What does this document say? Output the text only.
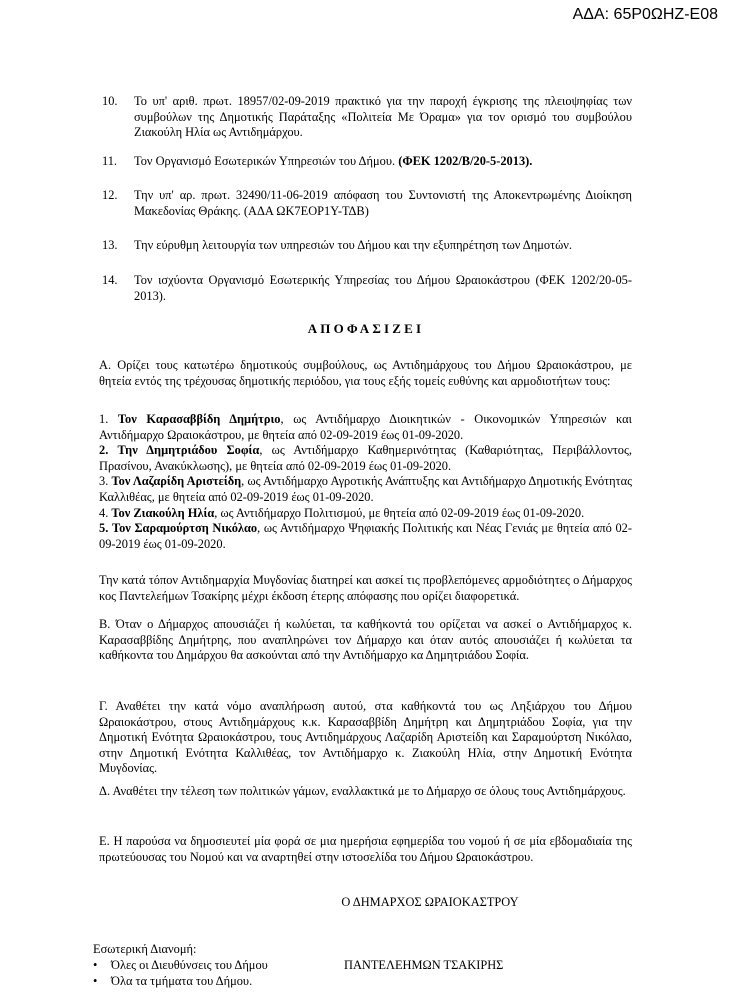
ΑΔΑ: 65Ρ0ΩΗΖ-Ε08
10. Το υπ' αριθ. πρωτ. 18957/02-09-2019 πρακτικό για την παροχή έγκρισης της πλειοψηφίας των συμβούλων της Δημοτικής Παράταξης «Πολιτεία Με Όραμα» για τον ορισμό του συμβούλου Ζιακούλη Ηλία ως Αντιδημάρχου.
11. Τον Οργανισμό Εσωτερικών Υπηρεσιών του Δήμου. (ΦΕΚ 1202/Β/20-5-2013).
12. Την υπ' αρ. πρωτ. 32490/11-06-2019 απόφαση του Συντονιστή της Αποκεντρωμένης Διοίκηση Μακεδονίας Θράκης. (ΑΔΑ ΩΚ7ΕΟΡ1Υ-ΤΔΒ)
13. Την εύρυθμη λειτουργία των υπηρεσιών του Δήμου και την εξυπηρέτηση των Δημοτών.
14. Τον ισχύοντα Οργανισμό Εσωτερικής Υπηρεσίας του Δήμου Ωραιοκάστρου (ΦΕΚ 1202/20-05-2013).
ΑΠΟΦΑΣΙΖΕΙ
Α. Ορίζει τους κατωτέρω δημοτικούς συμβούλους, ως Αντιδημάρχους του Δήμου Ωραιοκάστρου, με θητεία εντός της τρέχουσας δημοτικής περιόδου, για τους εξής τομείς ευθύνης και αρμοδιοτήτων τους:
1. Τον Καρασαββίδη Δημήτριο, ως Αντιδήμαρχο Διοικητικών - Οικονομικών Υπηρεσιών και Αντιδήμαρχο Ωραιοκάστρου, με θητεία από 02-09-2019 έως 01-09-2020.
2. Την Δημητριάδου Σοφία, ως Αντιδήμαρχο Καθημερινότητας (Καθαριότητας, Περιβάλλοντος, Πρασίνου, Ανακύκλωσης), με θητεία από 02-09-2019 έως 01-09-2020.
3. Τον Λαζαρίδη Αριστείδη, ως Αντιδήμαρχο Αγροτικής Ανάπτυξης και Αντιδήμαρχο Δημοτικής Ενότητας Καλλιθέας, με θητεία από 02-09-2019 έως 01-09-2020.
4. Τον Ζιακούλη Ηλία, ως Αντιδήμαρχο Πολιτισμού, με θητεία από 02-09-2019 έως 01-09-2020.
5. Τον Σαραμούρτση Νικόλαο, ως Αντιδήμαρχο Ψηφιακής Πολιτικής και Νέας Γενιάς με θητεία από 02-09-2019 έως 01-09-2020.
Την κατά τόπον Αντιδημαρχία Μυγδονίας διατηρεί και ασκεί τις προβλεπόμενες αρμοδιότητες ο Δήμαρχος κος Παντελεήμων Τσακίρης μέχρι έκδοση έτερης απόφασης που ορίζει διαφορετικά.
Β. Όταν ο Δήμαρχος απουσιάζει ή κωλύεται, τα καθήκοντά του ορίζεται να ασκεί ο Αντιδήμαρχος κ. Καρασαββίδης Δημήτρης, που αναπληρώνει τον Δήμαρχο και όταν αυτός απουσιάζει ή κωλύεται τα καθήκοντα του Δημάρχου θα ασκούνται από την Αντιδήμαρχο κα Δημητριάδου Σοφία.
Γ. Αναθέτει την κατά νόμο αναπλήρωση αυτού, στα καθήκοντά του ως Ληξιάρχου του Δήμου Ωραιοκάστρου, στους Αντιδημάρχους κ.κ. Καρασαββίδη Δημήτρη και Δημητριάδου Σοφία, για την Δημοτική Ενότητα Ωραιοκάστρου, τους Αντιδημάρχους Λαζαρίδη Αριστείδη και Σαραμούρτση Νικόλαο, στην Δημοτική Ενότητα Καλλιθέας, τον Αντιδήμαρχο κ. Ζιακούλη Ηλία, στην Δημοτική Ενότητα Μυγδονίας.
Δ. Αναθέτει την τέλεση των πολιτικών γάμων, εναλλακτικά με το Δήμαρχο σε όλους τους Αντιδημάρχους.
Ε. Η παρούσα να δημοσιευτεί μία φορά σε μια ημερήσια εφημερίδα του νομού ή σε μία εβδομαδιαία της πρωτεύουσας του Νομού και να αναρτηθεί στην ιστοσελίδα του Δήμου Ωραιοκάστρου.
Ο ΔΗΜΑΡΧΟΣ ΩΡΑΙΟΚΑΣΤΡΟΥ
Εσωτερική Διανομή:
ΠΑΝΤΕΛΕΗΜΩΝ ΤΣΑΚΙΡΗΣ
• Όλες οι Διευθύνσεις του Δήμου
• Όλα τα τμήματα του Δήμου.
